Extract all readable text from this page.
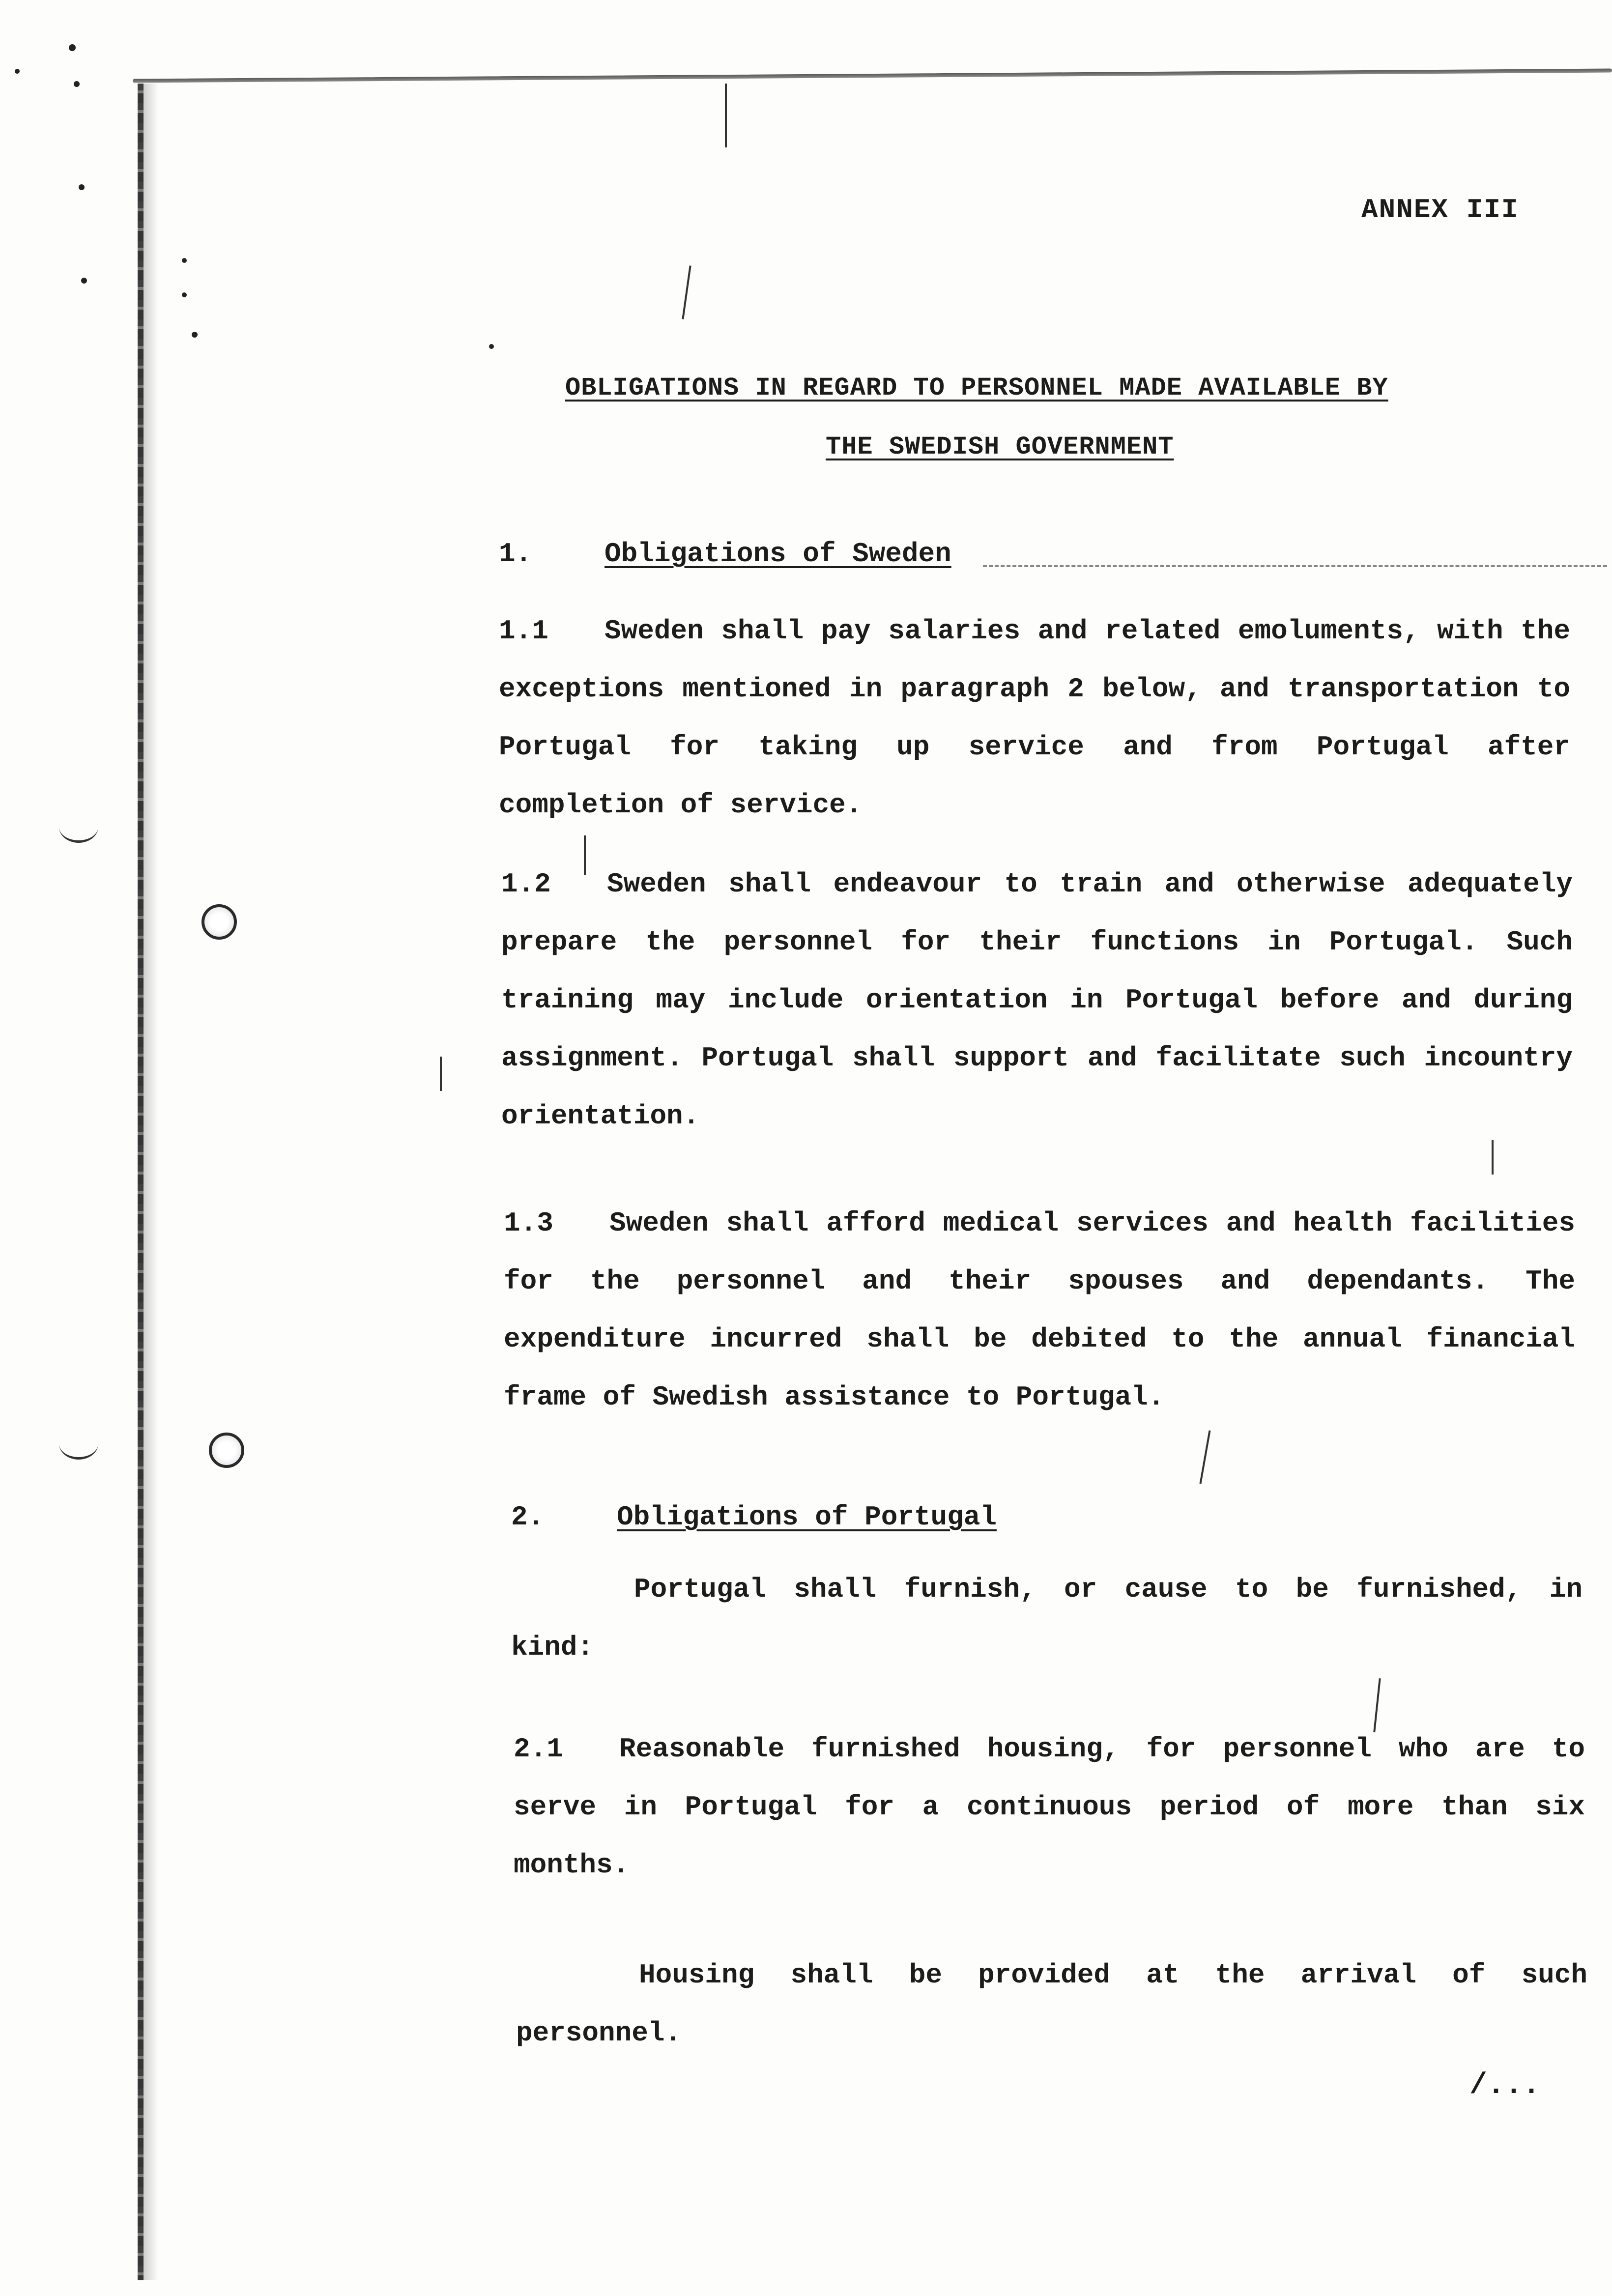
ANNEX III
OBLIGATIONS IN REGARD TO PERSONNEL MADE AVAILABLE BY
THE SWEDISH GOVERNMENT
1.	Obligations of Sweden
1.1 Sweden shall pay salaries and related emoluments, with the exceptions mentioned in paragraph 2 below, and transportation to Portugal for taking up service and from Portugal after completion of service.
1.2 Sweden shall endeavour to train and otherwise adequately prepare the personnel for their functions in Portugal. Such training may include orientation in Portugal before and during assignment. Portugal shall support and facilitate such incountry orientation.
1.3 Sweden shall afford medical services and health facilities for the personnel and their spouses and dependants. The expenditure incurred shall be debited to the annual financial frame of Swedish assistance to Portugal.
2.	Obligations of Portugal
Portugal shall furnish, or cause to be furnished, in kind:
2.1 Reasonable furnished housing, for personnel who are to serve in Portugal for a continuous period of more than six months.
Housing shall be provided at the arrival of such personnel.
/...
